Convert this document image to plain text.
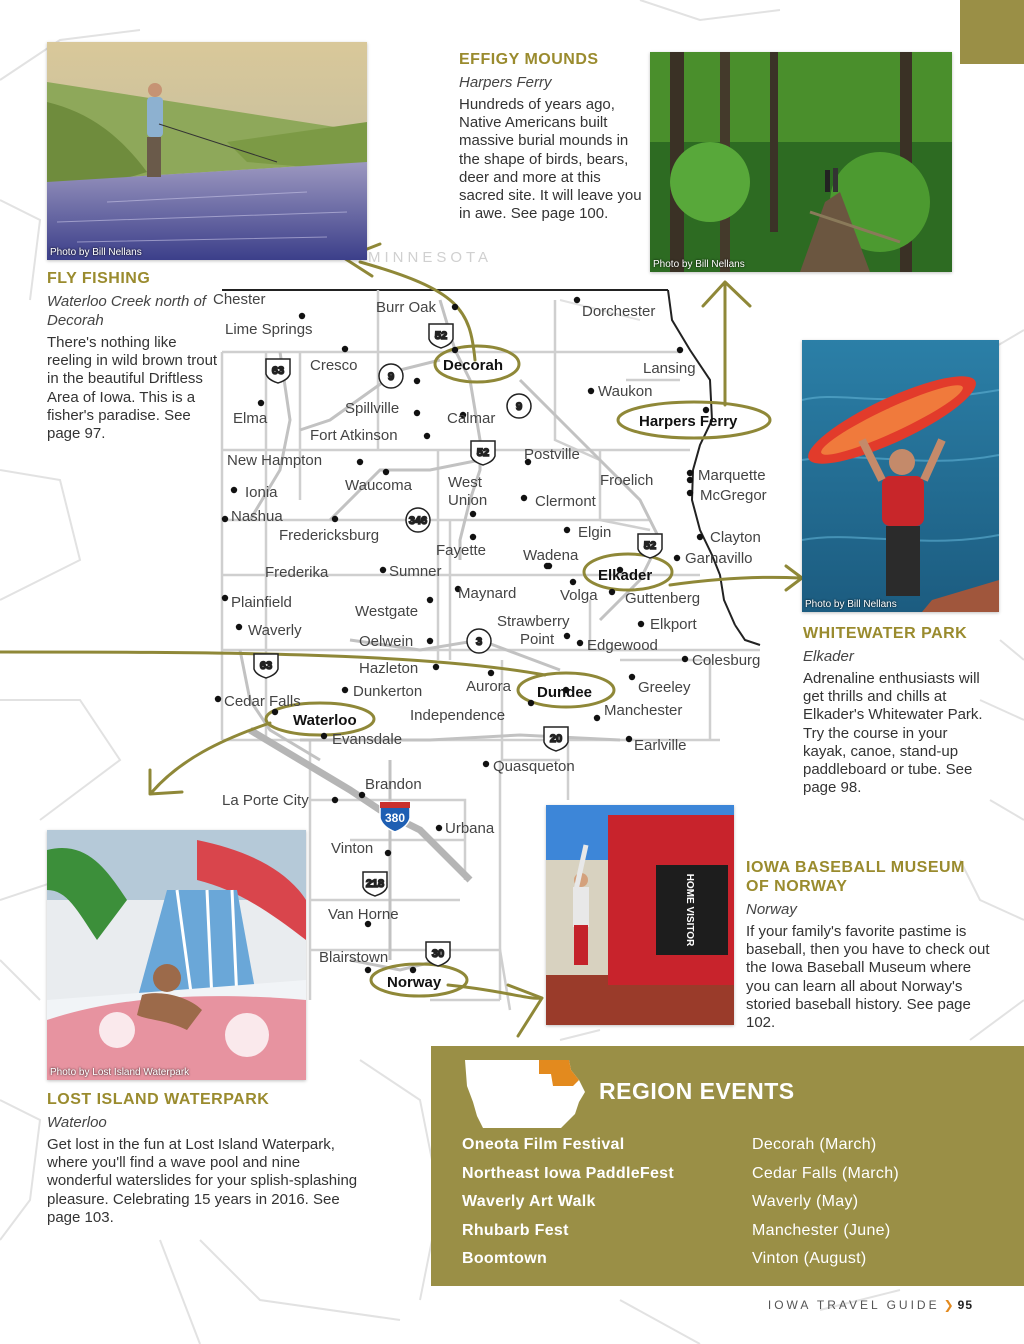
52
52
52
63
63
9
9
346
3
20
218
30
Chester	Burr Oak	Dorchester
Lime Springs
Cresco	Lansing
Waukon
Elma
Spillville
Calmar
Fort Atkinson
New Hampton	Postville
Ionia	Waucoma West Union
Froelich	Marquette
McGregor
Clermont
Nashua
Fredericksburg	Elgin	Clayton
Garnavillo
Fayette Wadena
Frederika	Sumner
Maynard	Volga Guttenberg
Plainfield
Westgate
Strawberry Point
Elkport
Waverly
Oelwein	Edgewood
Colesburg
Hazleton
Aurora	Greeley
Cedar Falls
Dunkerton
Independence	Manchester
Evansdale	Earlville
Quasqueton
Brandon
La Porte City
Urbana
Vinton
Van Horne
Blairstown
Decorah
Harpers Ferry
Elkader
Dundee
Waterloo
Norway
MINNESOTA
380
Photo by Bill Nellans
Photo by Bill Nellans
Photo by Bill Nellans
HOME VISITOR
Photo by Lost Island Waterpark
FLY FISHING
Waterloo Creek north of Decorah

There's nothing like reeling in wild brown trout in the beautiful Driftless Area of Iowa. This is a fisher's paradise. See page 97.

EFFIGY MOUNDS
Harpers Ferry

Hundreds of years ago, Native Americans built massive burial mounds in the shape of birds, bears, deer and more at this sacred site. It will leave you in awe. See page 100.

WHITEWATER PARK
Elkader

Adrenaline enthusiasts will get thrills and chills at Elkader's Whitewater Park. Try the course in your kayak, canoe, stand-up paddleboard or tube. See page 98.

IOWA BASEBALL MUSEUM OF NORWAY
Norway

If your family's favorite pastime is baseball, then you have to check out the Iowa Baseball Museum where you can learn all about Norway's storied baseball history. See page 102.

LOST ISLAND WATERPARK
Waterloo

Get lost in the fun at Lost Island Waterpark, where you'll find a wave pool and nine wonderful waterslides for your splish-splashing pleasure. Celebrating 15 years in 2016. See page 103.

REGION EVENTS
Oneota Film Festival	Decorah (March)
Northeast Iowa PaddleFest	Cedar Falls (March)
Waverly Art Walk	Waverly (May)
Rhubarb Fest	Manchester (June)
Boomtown	Vinton (August)
IOWA TRAVEL GUIDE ❯ 95
